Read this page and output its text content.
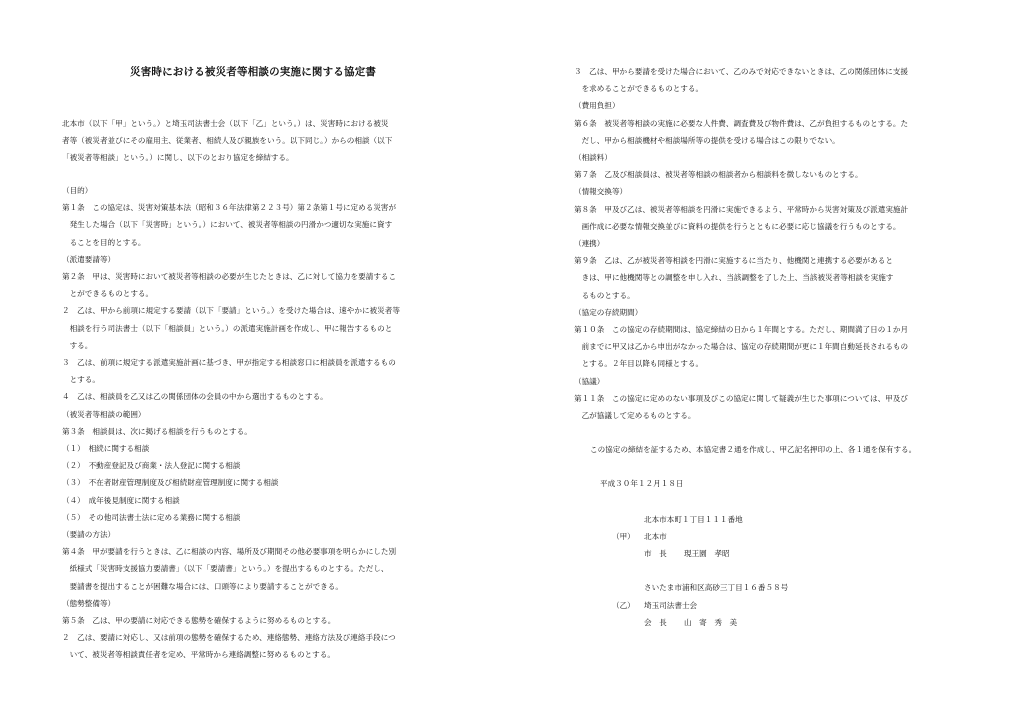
災害時における被災者等相談の実施に関する協定書
北本市（以下「甲」という。）と埼玉司法書士会（以下「乙」という。）は、災害時における被災
者等（被災者並びにその雇用主、従業者、相続人及び親族をいう。以下同じ。）からの相談（以下
「被災者等相談」という。）に関し、以下のとおり協定を締結する。
（目的）
第１条　この協定は、災害対策基本法（昭和３６年法律第２２３号）第２条第１号に定める災害が
　発生した場合（以下「災害時」という。）において、被災者等相談の円滑かつ適切な実施に資す
　ることを目的とする。
（派遣要請等）
第２条　甲は、災害時において被災者等相談の必要が生じたときは、乙に対して協力を要請するこ
　とができるものとする。
２　乙は、甲から前項に規定する要請（以下「要請」という。）を受けた場合は、速やかに被災者等
　相談を行う司法書士（以下「相談員」という。）の派遣実施計画を作成し、甲に報告するものと
　する。
３　乙は、前項に規定する派遣実施計画に基づき、甲が指定する相談窓口に相談員を派遣するもの
　とする。
４　乙は、相談員を乙又は乙の関係団体の会員の中から選出するものとする。
（被災者等相談の範囲）
第３条　相談員は、次に掲げる相談を行うものとする。
（１）　相続に関する相談
（２）　不動産登記及び商業・法人登記に関する相談
（３）　不在者財産管理制度及び相続財産管理制度に関する相談
（４）　成年後見制度に関する相談
（５）　その他司法書士法に定める業務に関する相談
（要請の方法）
第４条　甲が要請を行うときは、乙に相談の内容、場所及び期間その他必要事項を明らかにした別
　紙様式「災害時支援協力要請書」（以下「要請書」という。）を提出するものとする。ただし、
　要請書を提出することが困難な場合には、口頭等により要請することができる。
（態勢整備等）
第５条　乙は、甲の要請に対応できる態勢を確保するように努めるものとする。
２　乙は、要請に対応し、又は前項の態勢を確保するため、連絡態勢、連絡方法及び連絡手段につ
　いて、被災者等相談責任者を定め、平常時から連絡調整に努めるものとする。
３　乙は、甲から要請を受けた場合において、乙のみで対応できないときは、乙の関係団体に支援
　を求めることができるものとする。
（費用負担）
第６条　被災者等相談の実施に必要な人件費、調査費及び物件費は、乙が負担するものとする。た
　だし、甲から相談機材や相談場所等の提供を受ける場合はこの限りでない。
（相談料）
第７条　乙及び相談員は、被災者等相談の相談者から相談料を徴しないものとする。
（情報交換等）
第８条　甲及び乙は、被災者等相談を円滑に実施できるよう、平常時から災害対策及び派遣実施計
　画作成に必要な情報交換並びに資料の提供を行うとともに必要に応じ協議を行うものとする。
（連携）
第９条　乙は、乙が被災者等相談を円滑に実施するに当たり、他機関と連携する必要があると
　きは、甲に他機関等との調整を申し入れ、当該調整を了した上、当該被災者等相談を実施す
　るものとする。
（協定の存続期間）
第１０条　この協定の存続期間は、協定締結の日から１年間とする。ただし、期間満了日の１か月
　前までに甲又は乙から申出がなかった場合は、協定の存続期間が更に１年間自動延長されるもの
　とする。２年目以降も同様とする。
（協議）
第１１条　この協定に定めのない事項及びこの協定に関して疑義が生じた事項については、甲及び
　乙が協議して定めるものとする。
この協定の締結を証するため、本協定書２通を作成し、甲乙記名押印の上、各１通を保有する。
平成３０年１２月１８日
北本市本町１丁目１１１番地
（甲） 北本市
市　長 現王園　孝昭
さいたま市浦和区高砂三丁目１６番５８号
（乙） 埼玉司法書士会
会　長 山　寄　秀　美
